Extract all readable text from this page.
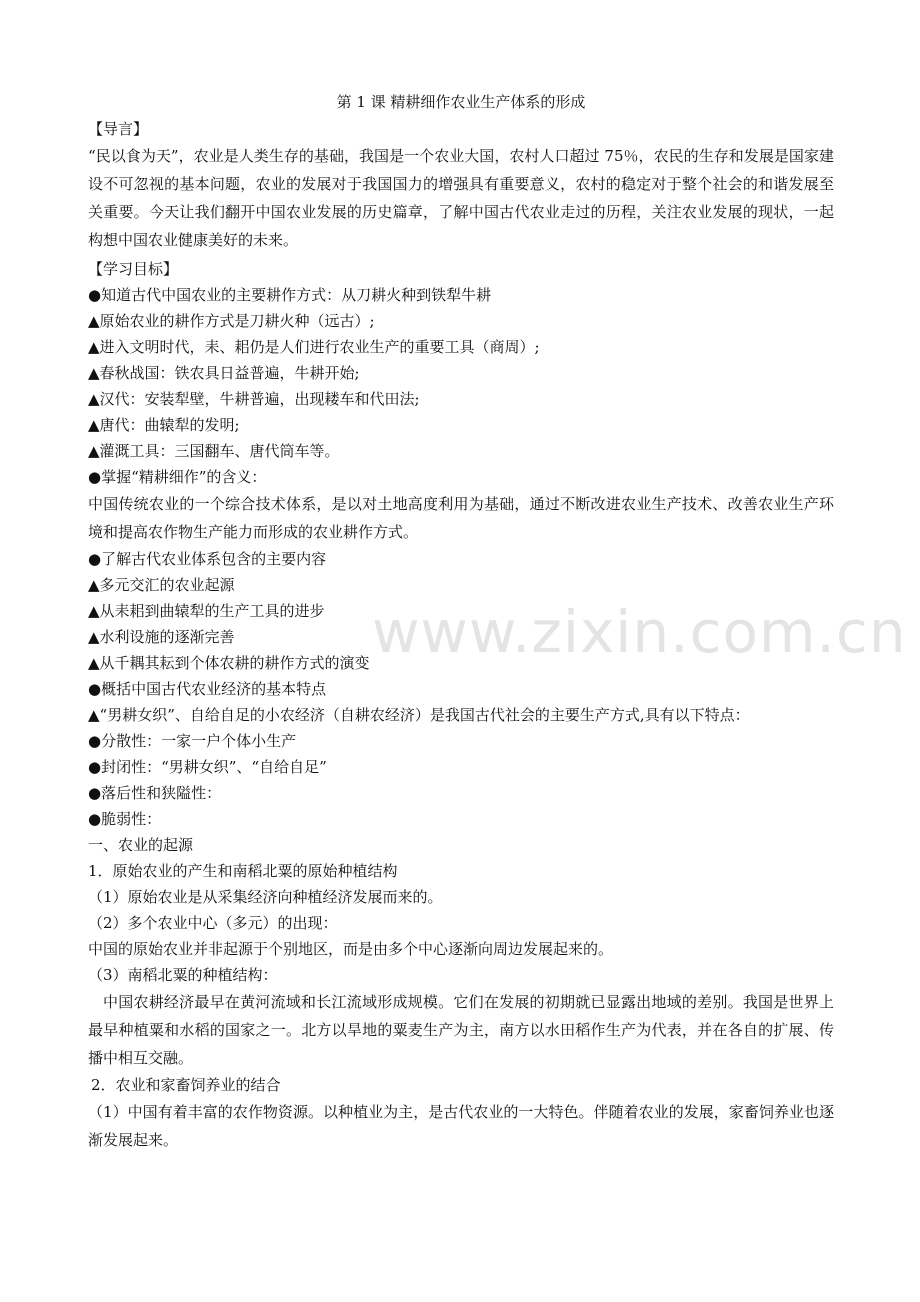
www.zixin.com.cn
第 1 课 精耕细作农业生产体系的形成
【导言】
“民以食为天”，农业是人类生存的基础，我国是一个农业大国，农村人口超过 75％，农民的生存和发展是国家建设不可忽视的基本问题，农业的发展对于我国国力的增强具有重要意义，农村的稳定对于整个社会的和谐发展至关重要。今天让我们翻开中国农业发展的历史篇章，了解中国古代农业走过的历程，关注农业发展的现状，一起构想中国农业健康美好的未来。
【学习目标】
●知道古代中国农业的主要耕作方式：从刀耕火种到铁犁牛耕
▲原始农业的耕作方式是刀耕火种（远古）;
▲进入文明时代，耒、耜仍是人们进行农业生产的重要工具（商周）;
▲春秋战国：铁农具日益普遍，牛耕开始;
▲汉代：安装犁壁，牛耕普遍，出现耧车和代田法;
▲唐代：曲辕犁的发明;
▲灌溉工具：三国翻车、唐代筒车等。
●掌握“精耕细作”的含义：
中国传统农业的一个综合技术体系，是以对土地高度利用为基础，通过不断改进农业生产技术、改善农业生产环境和提高农作物生产能力而形成的农业耕作方式。
●了解古代农业体系包含的主要内容
▲多元交汇的农业起源
▲从耒耜到曲辕犁的生产工具的进步
▲水利设施的逐渐完善
▲从千耦其耘到个体农耕的耕作方式的演变
●概括中国古代农业经济的基本特点
▲“男耕女织”、自给自足的小农经济（自耕农经济）是我国古代社会的主要生产方式,具有以下特点：
●分散性：一家一户个体小生产
●封闭性：“男耕女织”、“自给自足”
●落后性和狭隘性：
●脆弱性：
一、农业的起源
1．原始农业的产生和南稻北粟的原始种植结构
（1）原始农业是从采集经济向种植经济发展而来的。
（2）多个农业中心（多元）的出现：
中国的原始农业并非起源于个别地区，而是由多个中心逐渐向周边发展起来的。
（3）南稻北粟的种植结构：
中国农耕经济最早在黄河流域和长江流域形成规模。它们在发展的初期就已显露出地域的差别。我国是世界上最早种植粟和水稻的国家之一。北方以旱地的粟麦生产为主，南方以水田稻作生产为代表，并在各自的扩展、传播中相互交融。
2．农业和家畜饲养业的结合
（1）中国有着丰富的农作物资源。以种植业为主，是古代农业的一大特色。伴随着农业的发展，家畜饲养业也逐渐发展起来。
